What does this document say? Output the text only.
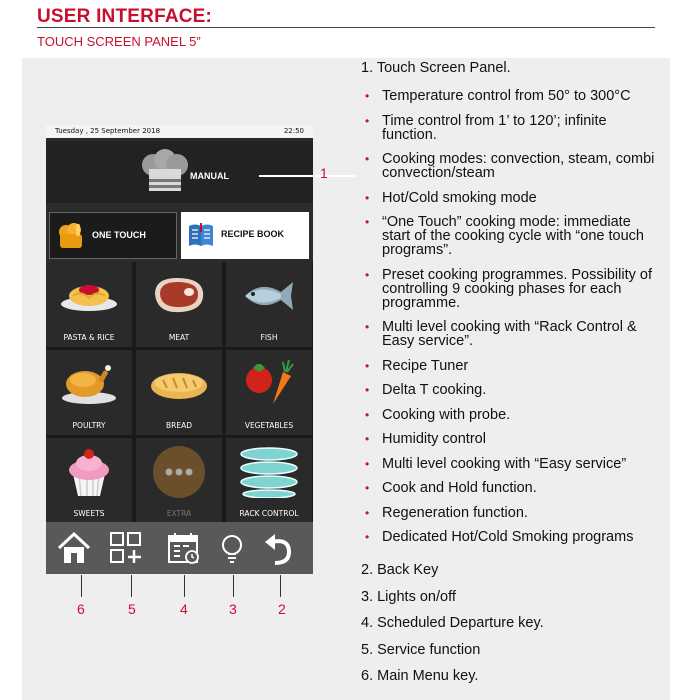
USER INTERFACE:
TOUCH SCREEN PANEL 5”
Tuesday , 25 September 2018	22:50
MANUAL
ONE TOUCH	RECIPE BOOK
PASTA & RICE	MEAT	FISH
POULTRY	BREAD	VEGETABLES
SWEETS	EXTRA	RACK CONTROL
1
6	5	4	3	2
1. Touch Screen Panel.
• Temperature control from 50° to 300°C
• Time control from 1’ to 120’; infinite function.
• Cooking modes: convection, steam, combi convection/steam
• Hot/Cold smoking mode
• “One Touch” cooking mode: immediate start of the cooking cycle with “one touch programs”.
• Preset cooking programmes. Possibility of controlling 9 cooking phases for each programme.
• Multi level cooking with “Rack Control & Easy service”.
• Recipe Tuner
• Delta T cooking.
• Cooking with probe.
• Humidity control
• Multi level cooking with “Easy service”
• Cook and Hold function.
• Regeneration function.
• Dedicated Hot/Cold Smoking programs
2. Back Key
3. Lights on/off
4. Scheduled Departure key.
5. Service function
6. Main Menu key.
